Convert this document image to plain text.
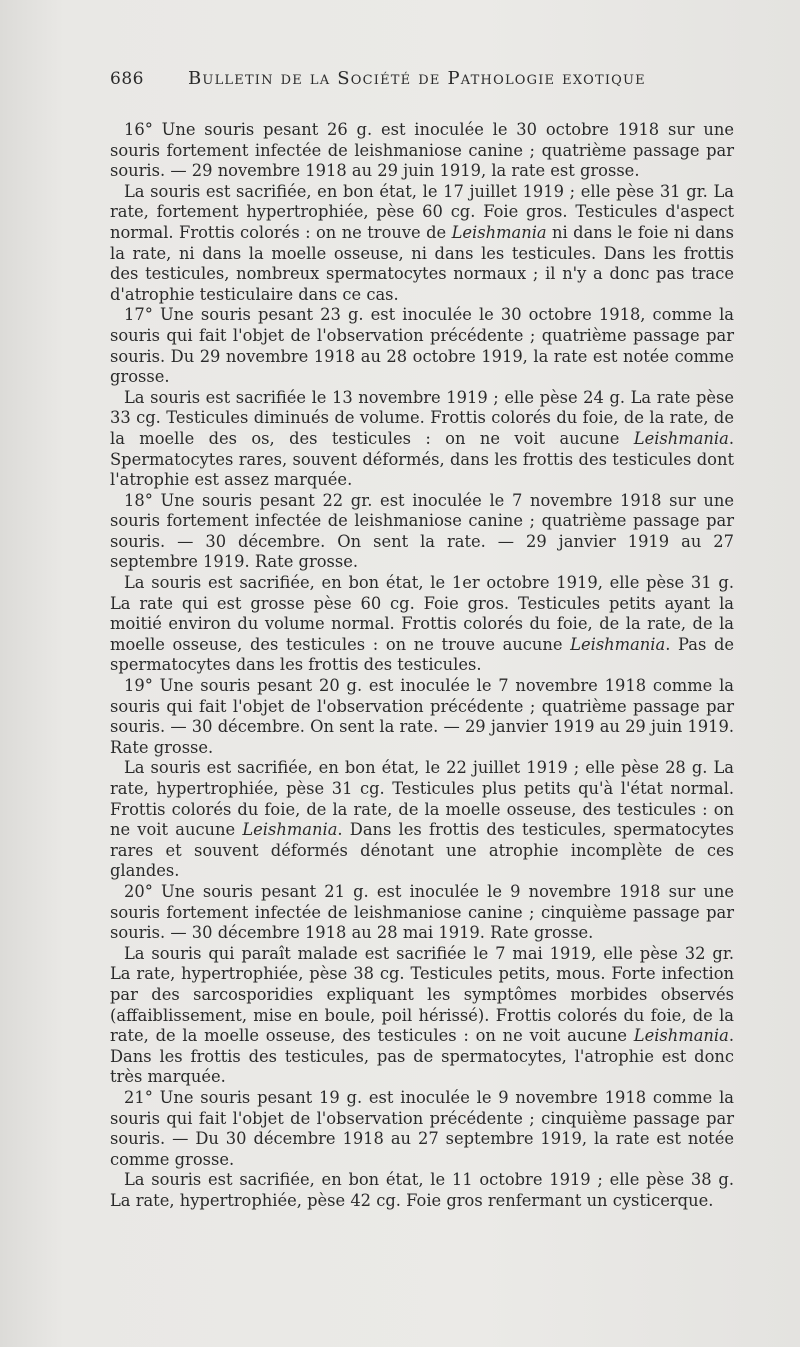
686	Bulletin de la Société de Pathologie exotique

16° Une souris pesant 26 g. est inoculée le 30 octobre 1918 sur une souris fortement infectée de leishmaniose canine ; quatrième passage par souris. — 29 novembre 1918 au 29 juin 1919, la rate est grosse.

La souris est sacrifiée, en bon état, le 17 juillet 1919 ; elle pèse 31 gr. La rate, fortement hypertrophiée, pèse 60 cg. Foie gros. Testicules d'aspect normal. Frottis colorés : on ne trouve de Leishmania ni dans le foie ni dans la rate, ni dans la moelle osseuse, ni dans les testicules. Dans les frottis des testicules, nombreux spermatocytes normaux ; il n'y a donc pas trace d'atrophie testiculaire dans ce cas.

17° Une souris pesant 23 g. est inoculée le 30 octobre 1918, comme la souris qui fait l'objet de l'observation précédente ; quatrième passage par souris. Du 29 novembre 1918 au 28 octobre 1919, la rate est notée comme grosse.

La souris est sacrifiée le 13 novembre 1919 ; elle pèse 24 g. La rate pèse 33 cg. Testicules diminués de volume. Frottis colorés du foie, de la rate, de la moelle des os, des testicules : on ne voit aucune Leishmania. Spermatocytes rares, souvent déformés, dans les frottis des testicules dont l'atrophie est assez marquée.

18° Une souris pesant 22 gr. est inoculée le 7 novembre 1918 sur une souris fortement infectée de leishmaniose canine ; quatrième passage par souris. — 30 décembre. On sent la rate. — 29 janvier 1919 au 27 septembre 1919. Rate grosse.

La souris est sacrifiée, en bon état, le 1er octobre 1919, elle pèse 31 g. La rate qui est grosse pèse 60 cg. Foie gros. Testicules petits ayant la moitié environ du volume normal. Frottis colorés du foie, de la rate, de la moelle osseuse, des testicules : on ne trouve aucune Leishmania. Pas de spermatocytes dans les frottis des testicules.

19° Une souris pesant 20 g. est inoculée le 7 novembre 1918 comme la souris qui fait l'objet de l'observation précédente ; quatrième passage par souris. — 30 décembre. On sent la rate. — 29 janvier 1919 au 29 juin 1919. Rate grosse.

La souris est sacrifiée, en bon état, le 22 juillet 1919 ; elle pèse 28 g. La rate, hypertrophiée, pèse 31 cg. Testicules plus petits qu'à l'état normal. Frottis colorés du foie, de la rate, de la moelle osseuse, des testicules : on ne voit aucune Leishmania. Dans les frottis des testicules, spermatocytes rares et souvent déformés dénotant une atrophie incomplète de ces glandes.

20° Une souris pesant 21 g. est inoculée le 9 novembre 1918 sur une souris fortement infectée de leishmaniose canine ; cinquième passage par souris. — 30 décembre 1918 au 28 mai 1919. Rate grosse.

La souris qui paraît malade est sacrifiée le 7 mai 1919, elle pèse 32 gr. La rate, hypertrophiée, pèse 38 cg. Testicules petits, mous. Forte infection par des sarcosporidies expliquant les symptômes morbides observés (affaiblissement, mise en boule, poil hérissé). Frottis colorés du foie, de la rate, de la moelle osseuse, des testicules : on ne voit aucune Leishmania. Dans les frottis des testicules, pas de spermatocytes, l'atrophie est donc très marquée.

21° Une souris pesant 19 g. est inoculée le 9 novembre 1918 comme la souris qui fait l'objet de l'observation précédente ; cinquième passage par souris. — Du 30 décembre 1918 au 27 septembre 1919, la rate est notée comme grosse.

La souris est sacrifiée, en bon état, le 11 octobre 1919 ; elle pèse 38 g. La rate, hypertrophiée, pèse 42 cg. Foie gros renfermant un cysticerque.
